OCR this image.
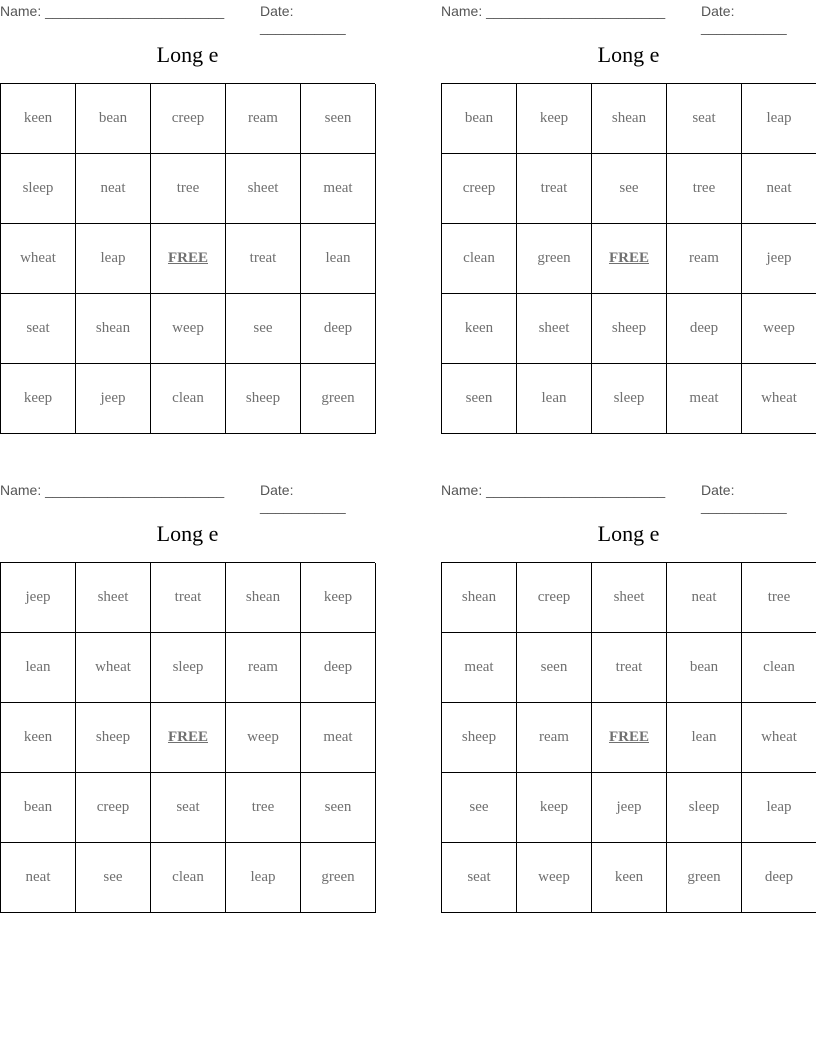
Name: _______________________	Date: ___________
Long e
keen	bean	creep	ream	seen
sleep	neat	tree	sheet	meat
wheat	leap	FREE	treat	lean
seat	shean	weep	see	deep
keep	jeep	clean	sheep	green
Name: _______________________	Date: ___________
Long e
bean	keep	shean	seat	leap
creep	treat	see	tree	neat
clean	green	FREE	ream	jeep
keen	sheet	sheep	deep	weep
seen	lean	sleep	meat	wheat
Name: _______________________	Date: ___________
Long e
jeep	sheet	treat	shean	keep
lean	wheat	sleep	ream	deep
keen	sheep	FREE	weep	meat
bean	creep	seat	tree	seen
neat	see	clean	leap	green
Name: _______________________	Date: ___________
Long e
shean	creep	sheet	neat	tree
meat	seen	treat	bean	clean
sheep	ream	FREE	lean	wheat
see	keep	jeep	sleep	leap
seat	weep	keen	green	deep
